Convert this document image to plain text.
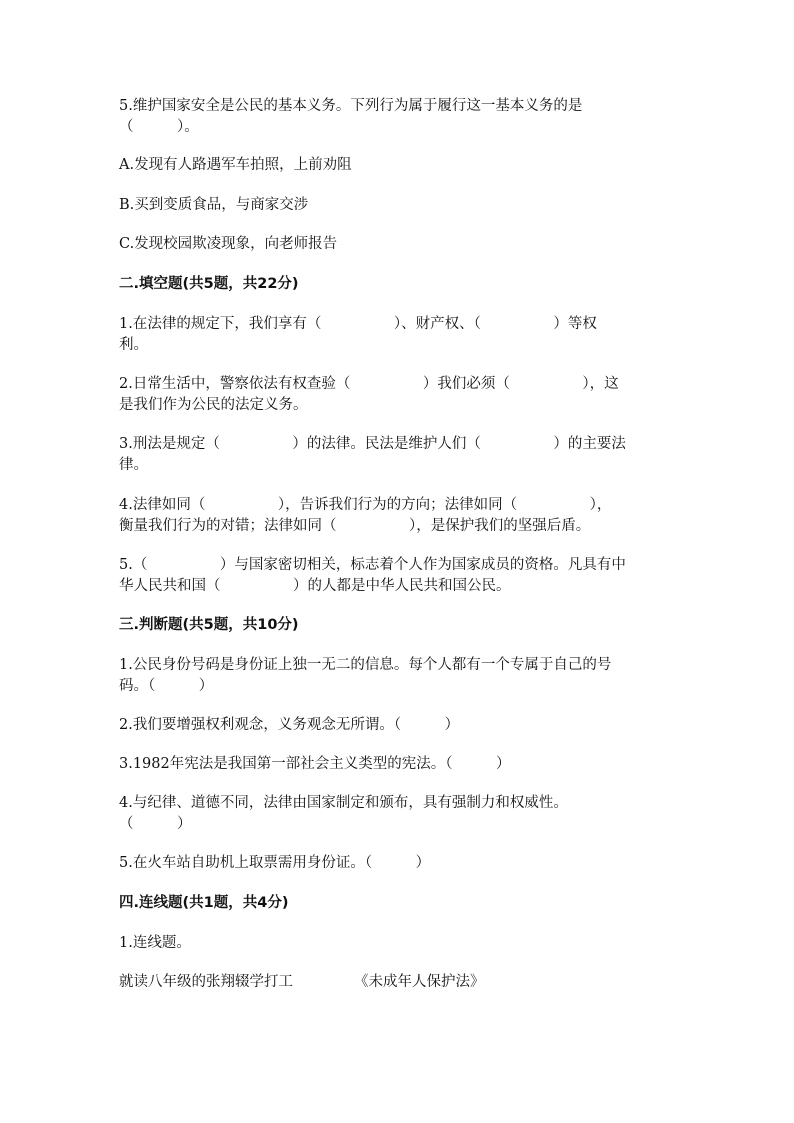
5.维护国家安全是公民的基本义务。下列行为属于履行这一基本义务的是
（　　　）。
A.发现有人路遇军车拍照，上前劝阻
B.买到变质食品，与商家交涉
C.发现校园欺凌现象，向老师报告
二.填空题(共5题，共22分)
1.在法律的规定下，我们享有（　　　　　）、财产权、（　　　　　）等权
利。
2.日常生活中，警察依法有权查验（　　　　　）我们必须（　　　　　），这
是我们作为公民的法定义务。
3.刑法是规定（　　　　　）的法律。民法是维护人们（　　　　　）的主要法
律。
4.法律如同（　　　　　），告诉我们行为的方向；法律如同（　　　　　），
衡量我们行为的对错；法律如同（　　　　　），是保护我们的坚强后盾。
5.（　　　　　）与国家密切相关，标志着个人作为国家成员的资格。凡具有中
华人民共和国（　　　　　）的人都是中华人民共和国公民。
三.判断题(共5题，共10分)
1.公民身份号码是身份证上独一无二的信息。每个人都有一个专属于自己的号
码。（　　　）
2.我们要增强权利观念，义务观念无所谓。（　　　）
3.1982年宪法是我国第一部社会主义类型的宪法。（　　　）
4.与纪律、道德不同，法律由国家制定和颁布，具有强制力和权威性。
（　　　）
5.在火车站自助机上取票需用身份证。（　　　）
四.连线题(共1题，共4分)
1.连线题。
就读八年级的张翔辍学打工	《未成年人保护法》
